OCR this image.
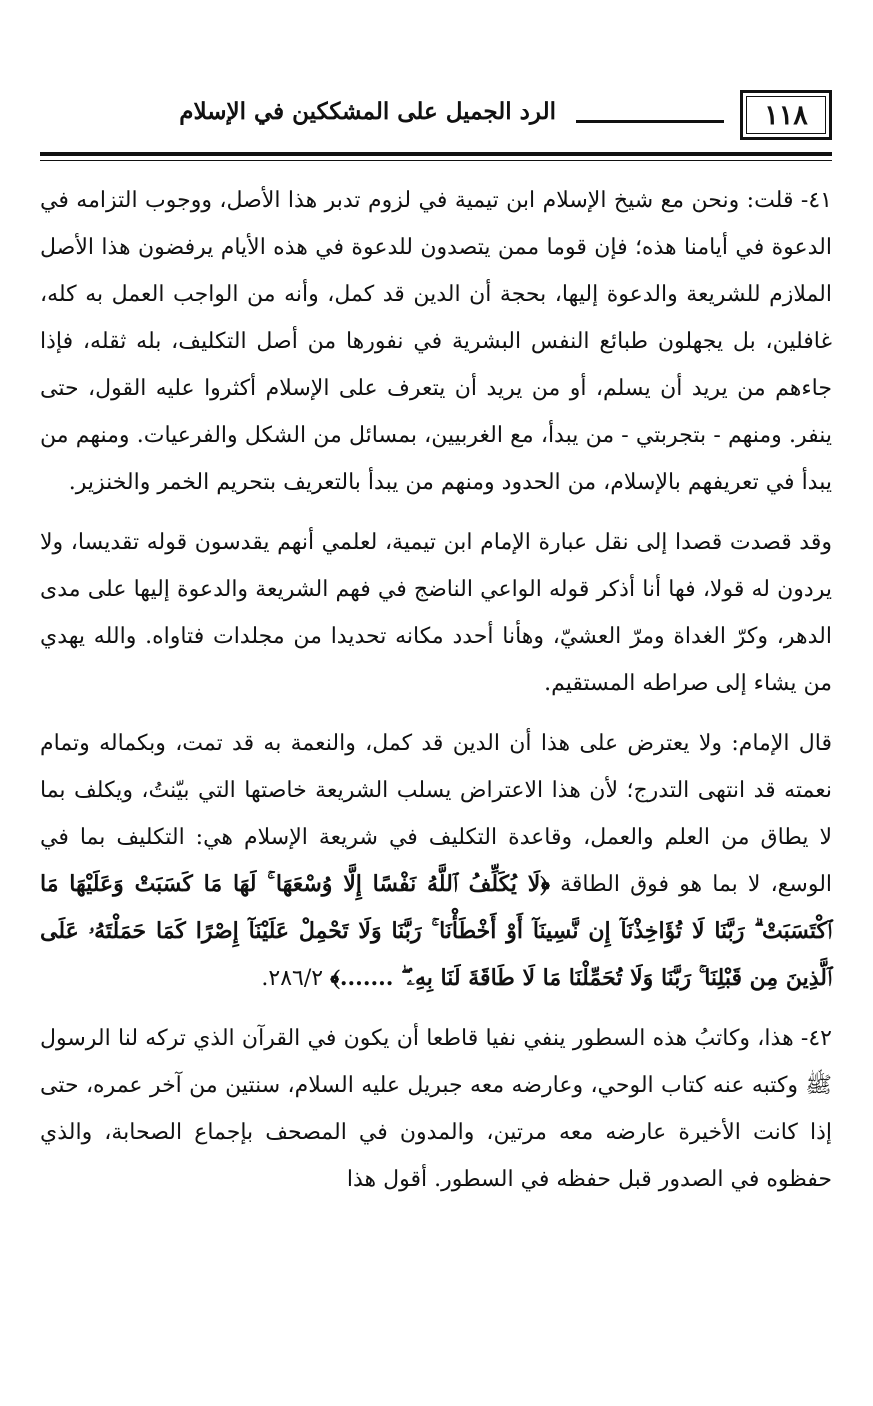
١١٨
الرد الجميل على المشككين في الإسلام

٤١- قلت: ونحن مع شيخ الإسلام ابن تيمية في لزوم تدبر هذا الأصل، ووجوب التزامه في الدعوة في أيامنا هذه؛ فإن قوما ممن يتصدون للدعوة في هذه الأيام يرفضون هذا الأصل الملازم للشريعة والدعوة إليها، بحجة أن الدين قد كمل، وأنه من الواجب العمل به كله، غافلين، بل يجهلون طبائع النفس البشرية في نفورها من أصل التكليف، بله ثقله، فإذا جاءهم من يريد أن يسلم، أو من يريد أن يتعرف على الإسلام أكثروا عليه القول، حتى ينفر. ومنهم - بتجربتي - من يبدأ، مع الغربيين، بمسائل من الشكل والفرعيات. ومنهم من يبدأ في تعريفهم بالإسلام، من الحدود ومنهم من يبدأ بالتعريف بتحريم الخمر والخنزير.

وقد قصدت قصدا إلى نقل عبارة الإمام ابن تيمية، لعلمي أنهم يقدسون قوله تقديسا، ولا يردون له قولا، فها أنا أذكر قوله الواعي الناضج في فهم الشريعة والدعوة إليها على مدى الدهر، وكرّ الغداة ومرّ العشيّ، وهأنا أحدد مكانه تحديدا من مجلدات فتاواه. والله يهدي من يشاء إلى صراطه المستقيم.

قال الإمام: ولا يعترض على هذا أن الدين قد كمل، والنعمة به قد تمت، وبكماله وتمام نعمته قد انتهى التدرج؛ لأن هذا الاعتراض يسلب الشريعة خاصتها التي بيّنتُ، ويكلف بما لا يطاق من العلم والعمل، وقاعدة التكليف في شريعة الإسلام هي: التكليف بما في الوسع، لا بما هو فوق الطاقة ﴿لَا يُكَلِّفُ ٱللَّهُ نَفْسًا إِلَّا وُسْعَهَا ۚ لَهَا مَا كَسَبَتْ وَعَلَيْهَا مَا ٱكْتَسَبَتْ ۗ رَبَّنَا لَا تُؤَاخِذْنَآ إِن نَّسِينَآ أَوْ أَخْطَأْنَا ۚ رَبَّنَا وَلَا تَحْمِلْ عَلَيْنَآ إِصْرًا كَمَا حَمَلْتَهُۥ عَلَى ٱلَّذِينَ مِن قَبْلِنَا ۚ رَبَّنَا وَلَا تُحَمِّلْنَا مَا لَا طَاقَةَ لَنَا بِهِۦ ۖ .......﴾ ٢٨٦/٢.

٤٢- هذا، وكاتبُ هذه السطور ينفي نفيا قاطعا أن يكون في القرآن الذي تركه لنا الرسول ﷺ وكتبه عنه كتاب الوحي، وعارضه معه جبريل عليه السلام، سنتين من آخر عمره، حتى إذا كانت الأخيرة عارضه معه مرتين، والمدون في المصحف بإجماع الصحابة، والذي حفظوه في الصدور قبل حفظه في السطور. أقول هذا
